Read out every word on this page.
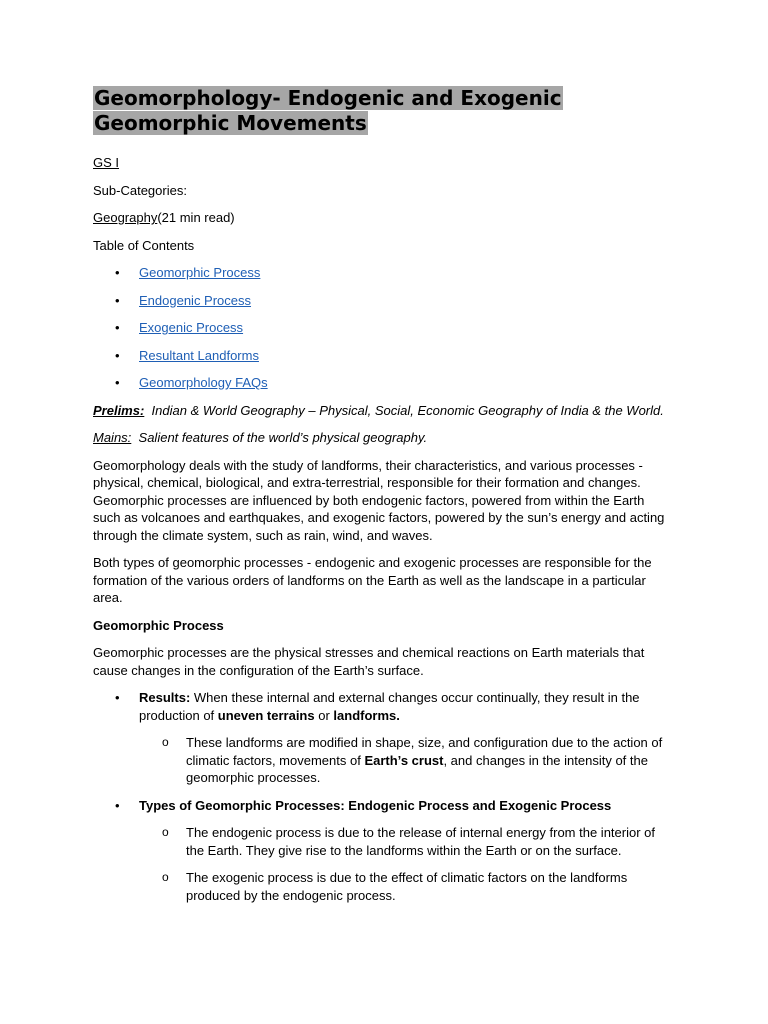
Geomorphology- Endogenic and Exogenic
Geomorphic Movements

GS I

Sub-Categories:

Geography(21 min read)

Table of Contents

• Geomorphic Process
• Endogenic Process
• Exogenic Process
• Resultant Landforms
• Geomorphology FAQs

Prelims: Indian & World Geography – Physical, Social, Economic Geography of India & the World.

Mains: Salient features of the world’s physical geography.

Geomorphology deals with the study of landforms, their characteristics, and various processes - physical, chemical, biological, and extra-terrestrial, responsible for their formation and changes. Geomorphic processes are influenced by both endogenic factors, powered from within the Earth such as volcanoes and earthquakes, and exogenic factors, powered by the sun’s energy and acting through the climate system, such as rain, wind, and waves.

Both types of geomorphic processes - endogenic and exogenic processes are responsible for the formation of the various orders of landforms on the Earth as well as the landscape in a particular area.

Geomorphic Process

Geomorphic processes are the physical stresses and chemical reactions on Earth materials that cause changes in the configuration of the Earth’s surface.

• Results: When these internal and external changes occur continually, they result in the production of uneven terrains or landforms.
o These landforms are modified in shape, size, and configuration due to the action of climatic factors, movements of Earth’s crust, and changes in the intensity of the geomorphic processes.
• Types of Geomorphic Processes: Endogenic Process and Exogenic Process
o The endogenic process is due to the release of internal energy from the interior of the Earth. They give rise to the landforms within the Earth or on the surface.
o The exogenic process is due to the effect of climatic factors on the landforms produced by the endogenic process.
